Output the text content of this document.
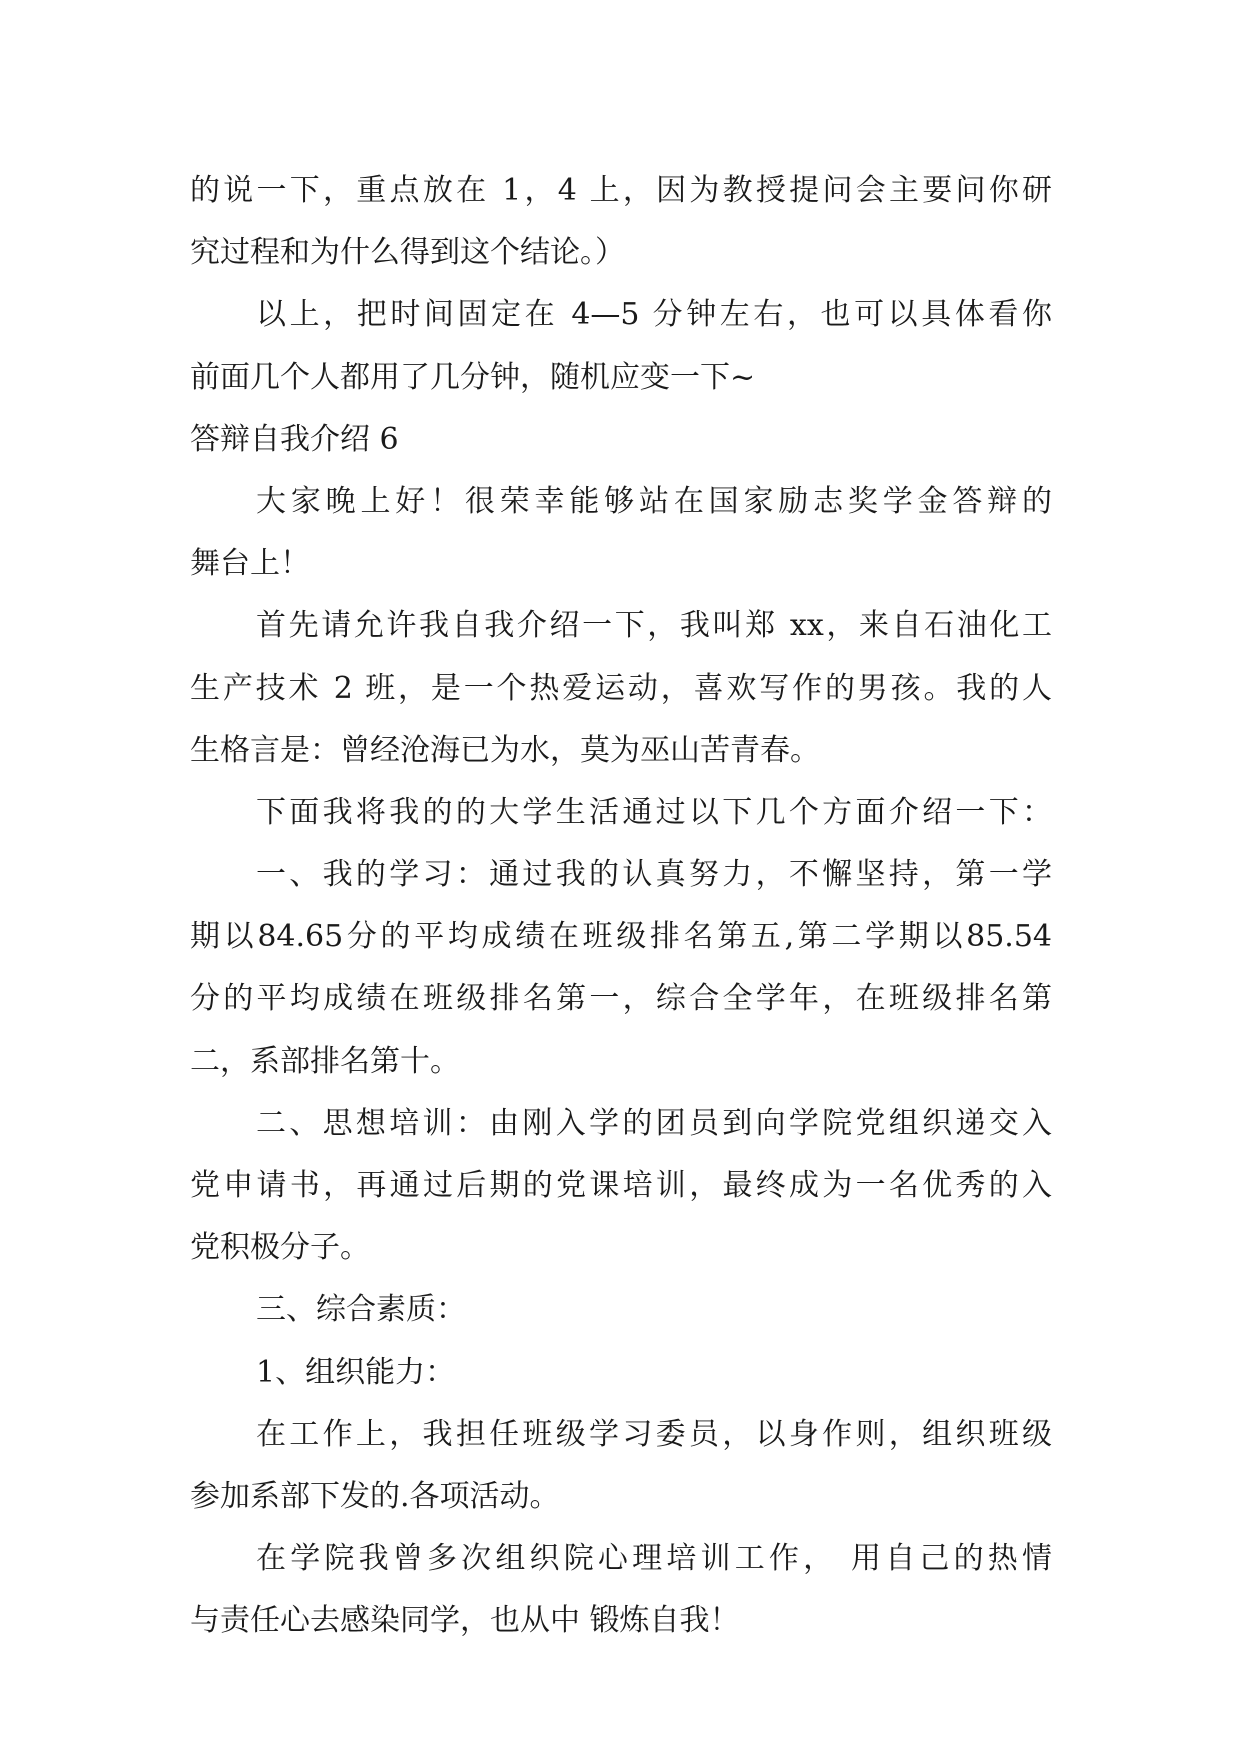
的说一下，重点放在 1，4 上，因为教授提问会主要问你研
究过程和为什么得到这个结论。）
以上，把时间固定在 4—5 分钟左右，也可以具体看你
前面几个人都用了几分钟，随机应变一下~
答辩自我介绍 6
大家晚上好！很荣幸能够站在国家励志奖学金答辩的
舞台上！
首先请允许我自我介绍一下，我叫郑 xx，来自石油化工
生产技术 2 班，是一个热爱运动，喜欢写作的男孩。我的人
生格言是：曾经沧海已为水，莫为巫山苦青春。
下面我将我的的大学生活通过以下几个方面介绍一下：
一、我的学习：通过我的认真努力，不懈坚持，第一学
期以84.65分的平均成绩在班级排名第五,第二学期以85.54
分的平均成绩在班级排名第一，综合全学年，在班级排名第
二，系部排名第十。
二、思想培训：由刚入学的团员到向学院党组织递交入
党申请书，再通过后期的党课培训，最终成为一名优秀的入
党积极分子。
三、综合素质：
1、组织能力：
在工作上，我担任班级学习委员，以身作则，组织班级
参加系部下发的.各项活动。
在学院我曾多次组织院心理培训工作， 用自己的热情
与责任心去感染同学，也从中 锻炼自我！
